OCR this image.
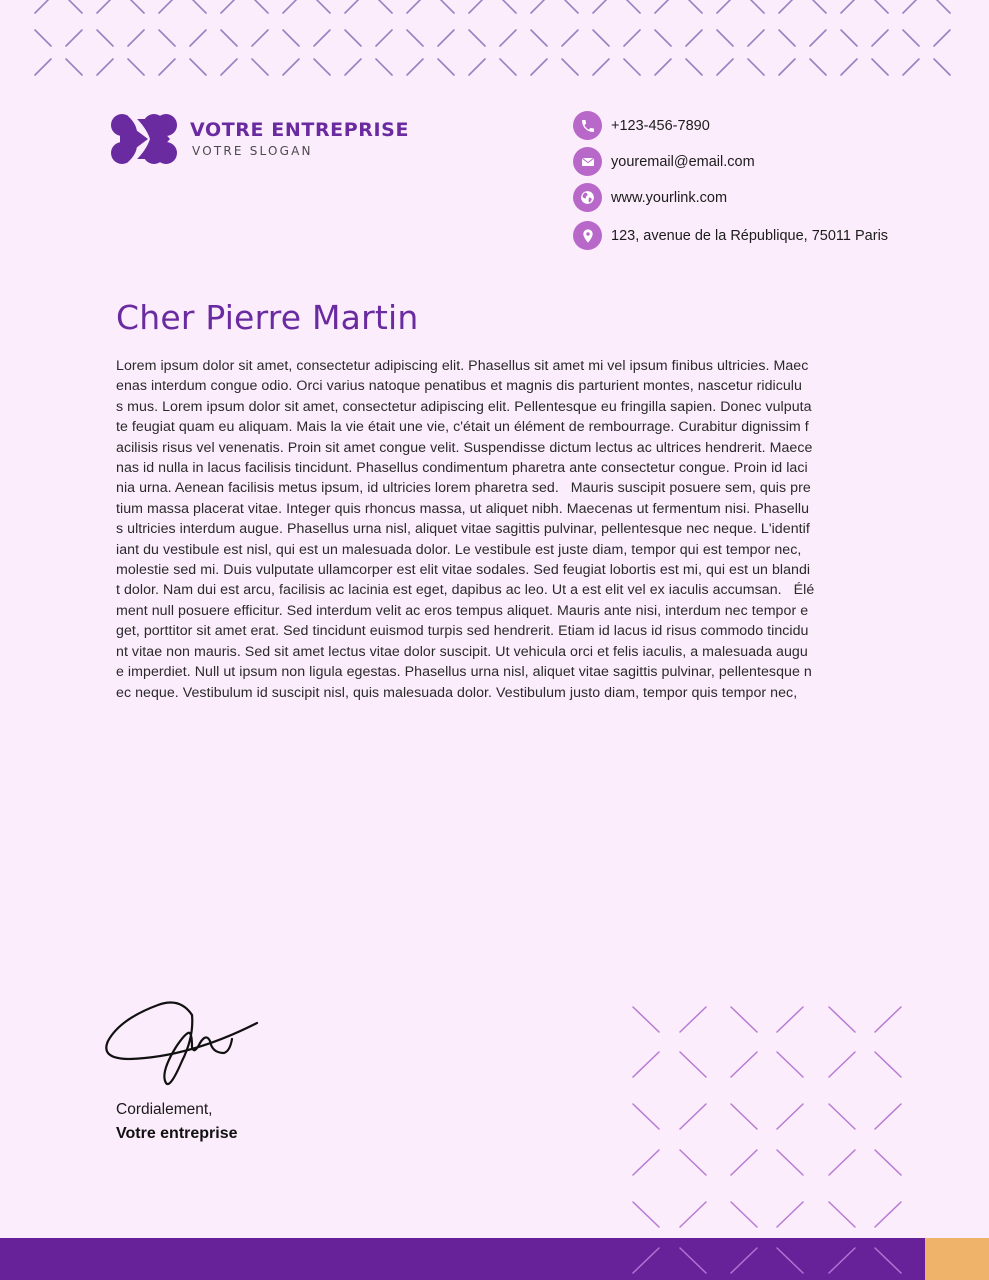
VOTRE ENTREPRISE
VOTRE SLOGAN
+123-456-7890
youremail@email.com
www.yourlink.com
123, avenue de la République, 75011 Paris
Cher Pierre Martin
Lorem ipsum dolor sit amet, consectetur adipiscing elit. Phasellus sit amet mi vel ipsum finibus ultricies. Maec
enas interdum congue odio. Orci varius natoque penatibus et magnis dis parturient montes, nascetur ridiculu
s mus. Lorem ipsum dolor sit amet, consectetur adipiscing elit. Pellentesque eu fringilla sapien. Donec vulputa
te feugiat quam eu aliquam. Mais la vie était une vie, c'était un élément de rembourrage. Curabitur dignissim f
acilisis risus vel venenatis. Proin sit amet congue velit. Suspendisse dictum lectus ac ultrices hendrerit. Maece
nas id nulla in lacus facilisis tincidunt. Phasellus condimentum pharetra ante consectetur congue. Proin id laci
nia urna. Aenean facilisis metus ipsum, id ultricies lorem pharetra sed.   Mauris suscipit posuere sem, quis pre
tium massa placerat vitae. Integer quis rhoncus massa, ut aliquet nibh. Maecenas ut fermentum nisi. Phasellu
s ultricies interdum augue. Phasellus urna nisl, aliquet vitae sagittis pulvinar, pellentesque nec neque. L'identif
iant du vestibule est nisl, qui est un malesuada dolor. Le vestibule est juste diam, tempor qui est tempor nec,
molestie sed mi. Duis vulputate ullamcorper est elit vitae sodales. Sed feugiat lobortis est mi, qui est un blandi
t dolor. Nam dui est arcu, facilisis ac lacinia est eget, dapibus ac leo. Ut a est elit vel ex iaculis accumsan.   Élé
ment null posuere efficitur. Sed interdum velit ac eros tempus aliquet. Mauris ante nisi, interdum nec tempor e
get, porttitor sit amet erat. Sed tincidunt euismod turpis sed hendrerit. Etiam id lacus id risus commodo tincidu
nt vitae non mauris. Sed sit amet lectus vitae dolor suscipit. Ut vehicula orci et felis iaculis, a malesuada augu
e imperdiet. Null ut ipsum non ligula egestas. Phasellus urna nisl, aliquet vitae sagittis pulvinar, pellentesque n
ec neque. Vestibulum id suscipit nisl, quis malesuada dolor. Vestibulum justo diam, tempor quis tempor nec,
Cordialement,
Votre entreprise
